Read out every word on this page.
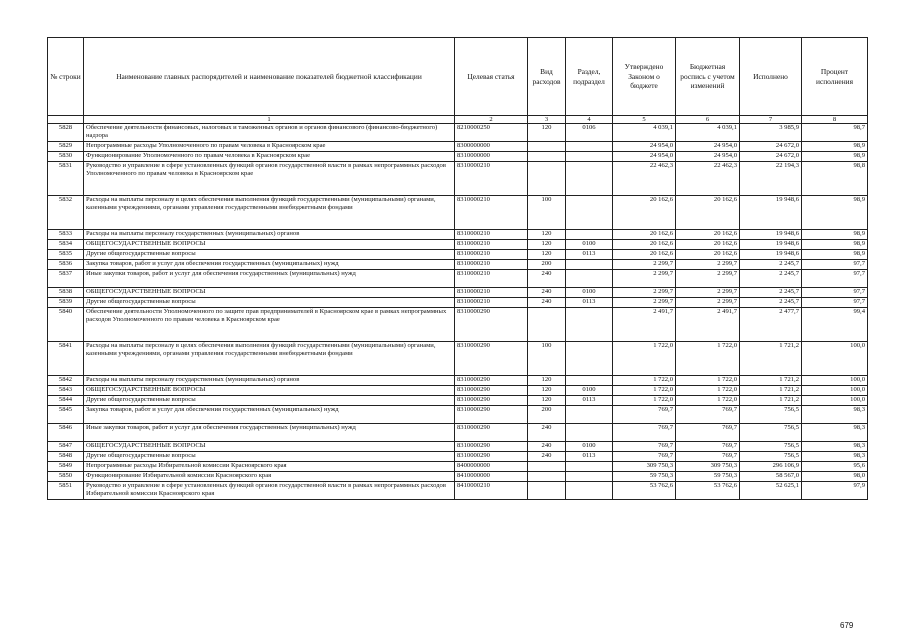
№ строки	Наименование главных распорядителей и наименование показателей бюджетной классификации	Целевая статья	Вид расходов	Раздел, подраздел	Утверждено Законом о бюджете	Бюджетная роспись с учетом изменений	Исполнено	Процент исполнения
	1	2	3	4	5	6	7	8
5828	Обеспечение деятельности финансовых, налоговых и таможенных органов и органов финансового (финансово-бюджетного) надзора	8210000250	120	0106	4 039,1	4 039,1	3 985,9	98,7
5829	Непрограммные расходы Уполномоченного по правам человека в Красноярском крае	8300000000			24 954,0	24 954,0	24 672,0	98,9
5830	Функционирование Уполномоченного по правам человека в Красноярском крае	8310000000			24 954,0	24 954,0	24 672,0	98,9
5831	Руководство и управление в сфере установленных функций органов государственной власти в рамках непрограммных расходов Уполномоченного по правам человека в Красноярском крае	8310000210			22 462,3	22 462,3	22 194,3	98,8
5832	Расходы на выплаты персоналу в целях обеспечения выполнения функций государственными (муниципальными) органами, казенными учреждениями, органами управления государственными внебюджетными фондами	8310000210	100		20 162,6	20 162,6	19 948,6	98,9
5833	Расходы на выплаты персоналу государственных (муниципальных) органов	8310000210	120		20 162,6	20 162,6	19 948,6	98,9
5834	ОБЩЕГОСУДАРСТВЕННЫЕ ВОПРОСЫ	8310000210	120	0100	20 162,6	20 162,6	19 948,6	98,9
5835	Другие общегосударственные вопросы	8310000210	120	0113	20 162,6	20 162,6	19 948,6	98,9
5836	Закупка товаров, работ и услуг для обеспечения государственных (муниципальных) нужд	8310000210	200		2 299,7	2 299,7	2 245,7	97,7
5837	Иные закупки товаров, работ и услуг для обеспечения государственных (муниципальных) нужд	8310000210	240		2 299,7	2 299,7	2 245,7	97,7
5838	ОБЩЕГОСУДАРСТВЕННЫЕ ВОПРОСЫ	8310000210	240	0100	2 299,7	2 299,7	2 245,7	97,7
5839	Другие общегосударственные вопросы	8310000210	240	0113	2 299,7	2 299,7	2 245,7	97,7
5840	Обеспечение деятельности Уполномоченного по защите прав предпринимателей в Красноярском крае в рамках непрограммных расходов Уполномоченного по правам человека в Красноярском крае	8310000290			2 491,7	2 491,7	2 477,7	99,4
5841	Расходы на выплаты персоналу в целях обеспечения выполнения функций государственными (муниципальными) органами, казенными учреждениями, органами управления государственными внебюджетными фондами	8310000290	100		1 722,0	1 722,0	1 721,2	100,0
5842	Расходы на выплаты персоналу государственных (муниципальных) органов	8310000290	120		1 722,0	1 722,0	1 721,2	100,0
5843	ОБЩЕГОСУДАРСТВЕННЫЕ ВОПРОСЫ	8310000290	120	0100	1 722,0	1 722,0	1 721,2	100,0
5844	Другие общегосударственные вопросы	8310000290	120	0113	1 722,0	1 722,0	1 721,2	100,0
5845	Закупка товаров, работ и услуг для обеспечения государственных (муниципальных) нужд	8310000290	200		769,7	769,7	756,5	98,3
5846	Иные закупки товаров, работ и услуг для обеспечения государственных (муниципальных) нужд	8310000290	240		769,7	769,7	756,5	98,3
5847	ОБЩЕГОСУДАРСТВЕННЫЕ ВОПРОСЫ	8310000290	240	0100	769,7	769,7	756,5	98,3
5848	Другие общегосударственные вопросы	8310000290	240	0113	769,7	769,7	756,5	98,3
5849	Непрограммные расходы Избирательной комиссии Красноярского края	8400000000			309 750,3	309 750,3	296 106,9	95,6
5850	Функционирование Избирательной комиссии Красноярского края	8410000000			59 750,3	59 750,3	58 567,0	98,0
5851	Руководство и управление в сфере установленных функций органов государственной власти в рамках непрограммных расходов Избирательной комиссии Красноярского края	8410000210			53 762,6	53 762,6	52 625,1	97,9
679
